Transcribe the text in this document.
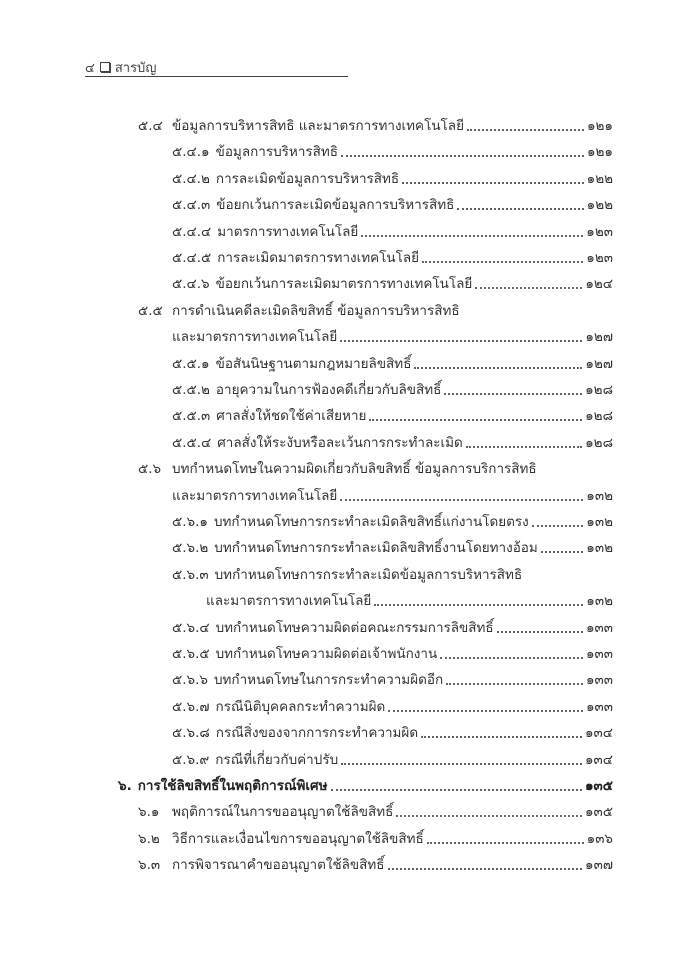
๔ สารบัญ
๕.๔ ข้อมูลการบริหารสิทธิ และมาตรการทางเทคโนโลยี	๑๒๑
๕.๔.๑ ข้อมูลการบริหารสิทธิ	๑๒๑
๕.๔.๒ การละเมิดข้อมูลการบริหารสิทธิ	๑๒๒
๕.๔.๓ ข้อยกเว้นการละเมิดข้อมูลการบริหารสิทธิ	๑๒๒
๕.๔.๔ มาตรการทางเทคโนโลยี	๑๒๓
๕.๔.๕ การละเมิดมาตรการทางเทคโนโลยี	๑๒๓
๕.๔.๖ ข้อยกเว้นการละเมิดมาตรการทางเทคโนโลยี	๑๒๔
๕.๕ การดำเนินคดีละเมิดลิขสิทธิ์ ข้อมูลการบริหารสิทธิ
และมาตรการทางเทคโนโลยี	๑๒๗
๕.๕.๑ ข้อสันนิษฐานตามกฎหมายลิขสิทธิ์	๑๒๗
๕.๕.๒ อายุความในการฟ้องคดีเกี่ยวกับลิขสิทธิ์	๑๒๘
๕.๕.๓ ศาลสั่งให้ชดใช้ค่าเสียหาย	๑๒๘
๕.๕.๔ ศาลสั่งให้ระงับหรือละเว้นการกระทำละเมิด	๑๒๘
๕.๖ บทกำหนดโทษในความผิดเกี่ยวกับลิขสิทธิ์ ข้อมูลการบริการสิทธิ
และมาตรการทางเทคโนโลยี	๑๓๒
๕.๖.๑ บทกำหนดโทษการกระทำละเมิดลิขสิทธิ์แก่งานโดยตรง	๑๓๒
๕.๖.๒ บทกำหนดโทษการกระทำละเมิดลิขสิทธิ์งานโดยทางอ้อม	๑๓๒
๕.๖.๓ บทกำหนดโทษการกระทำละเมิดข้อมูลการบริหารสิทธิ
และมาตรการทางเทคโนโลยี	๑๓๒
๕.๖.๔ บทกำหนดโทษความผิดต่อคณะกรรมการลิขสิทธิ์	๑๓๓
๕.๖.๕ บทกำหนดโทษความผิดต่อเจ้าพนักงาน	๑๓๓
๕.๖.๖ บทกำหนดโทษในการกระทำความผิดอีก	๑๓๓
๕.๖.๗ กรณีนิติบุคคลกระทำความผิด	๑๓๓
๕.๖.๘ กรณีสิ่งของจากการกระทำความผิด	๑๓๔
๕.๖.๙ กรณีที่เกี่ยวกับค่าปรับ	๑๓๔
๖. การใช้ลิขสิทธิ์ในพฤติการณ์พิเศษ	๑๓๕
๖.๑ พฤติการณ์ในการขออนุญาตใช้ลิขสิทธิ์	๑๓๕
๖.๒ วิธีการและเงื่อนไขการขออนุญาตใช้ลิขสิทธิ์	๑๓๖
๖.๓ การพิจารณาคำขออนุญาตใช้ลิขสิทธิ์	๑๓๗
